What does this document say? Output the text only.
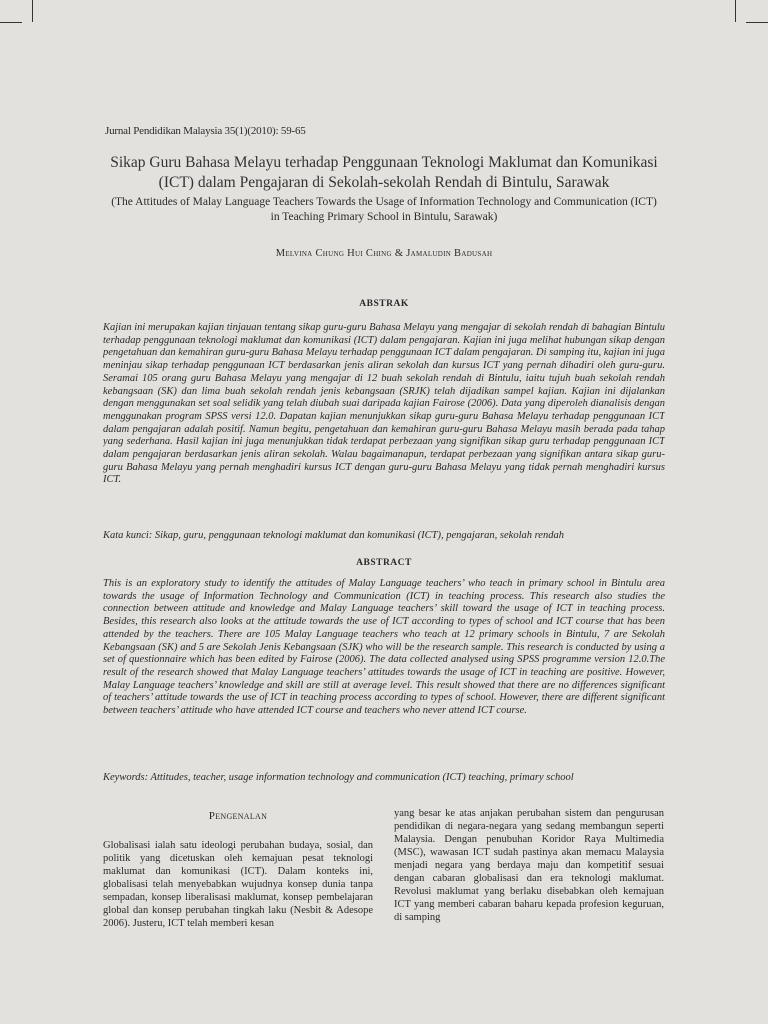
Jurnal Pendidikan Malaysia 35(1)(2010): 59-65
Sikap Guru Bahasa Melayu terhadap Penggunaan Teknologi Maklumat dan Komunikasi (ICT) dalam Pengajaran di Sekolah-sekolah Rendah di Bintulu, Sarawak
(The Attitudes of Malay Language Teachers Towards the Usage of Information Technology and Communication (ICT) in Teaching Primary School in Bintulu, Sarawak)
Melvina Chung Hui Ching & Jamaludin Badusah
ABSTRAK
Kajian ini merupakan kajian tinjauan tentang sikap guru-guru Bahasa Melayu yang mengajar di sekolah rendah di bahagian Bintulu terhadap penggunaan teknologi maklumat dan komunikasi (ICT) dalam pengajaran. Kajian ini juga melihat hubungan sikap dengan pengetahuan dan kemahiran guru-guru Bahasa Melayu terhadap penggunaan ICT dalam pengajaran. Di samping itu, kajian ini juga meninjau sikap terhadap penggunaan ICT berdasarkan jenis aliran sekolah dan kursus ICT yang pernah dihadiri oleh guru-guru. Seramai 105 orang guru Bahasa Melayu yang mengajar di 12 buah sekolah rendah di Bintulu, iaitu tujuh buah sekolah rendah kebangsaan (SK) dan lima buah sekolah rendah jenis kebangsaan (SRJK) telah dijadikan sampel kajian. Kajian ini dijalankan dengan menggunakan set soal selidik yang telah diubah suai daripada kajian Fairose (2006). Data yang diperoleh dianalisis dengan menggunakan program SPSS versi 12.0. Dapatan kajian menunjukkan sikap guru-guru Bahasa Melayu terhadap penggunaan ICT dalam pengajaran adalah positif. Namun begitu, pengetahuan dan kemahiran guru-guru Bahasa Melayu masih berada pada tahap yang sederhana. Hasil kajian ini juga menunjukkan tidak terdapat perbezaan yang signifikan sikap guru terhadap penggunaan ICT dalam pengajaran berdasarkan jenis aliran sekolah. Walau bagaimanapun, terdapat perbezaan yang signifikan antara sikap guru-guru Bahasa Melayu yang pernah menghadiri kursus ICT dengan guru-guru Bahasa Melayu yang tidak pernah menghadiri kursus ICT.
Kata kunci: Sikap, guru, penggunaan teknologi maklumat dan komunikasi (ICT), pengajaran, sekolah rendah
ABSTRACT
This is an exploratory study to identify the attitudes of Malay Language teachers’ who teach in primary school in Bintulu area towards the usage of Information Technology and Communication (ICT) in teaching process. This research also studies the connection between attitude and knowledge and Malay Language teachers’ skill toward the usage of ICT in teaching process. Besides, this research also looks at the attitude towards the use of ICT according to types of school and ICT course that has been attended by the teachers. There are 105 Malay Language teachers who teach at 12 primary schools in Bintulu, 7 are Sekolah Kebangsaan (SK) and 5 are Sekolah Jenis Kebangsaan (SJK) who will be the research sample. This research is conducted by using a set of questionnaire which has been edited by Fairose (2006). The data collected analysed using SPSS programme version 12.0.The result of the research showed that Malay Language teachers’ attitudes towards the usage of ICT in teaching are positive. However, Malay Language teachers’ knowledge and skill are still at average level. This result showed that there are no differences significant of teachers’ attitude towards the use of ICT in teaching process according to types of school. However, there are different significant between teachers’ attitude who have attended ICT course and teachers who never attend ICT course.
Keywords: Attitudes, teacher, usage information technology and communication (ICT) teaching, primary school
Pengenalan
Globalisasi ialah satu ideologi perubahan budaya, sosial, dan politik yang dicetuskan oleh kemajuan pesat teknologi maklumat dan komunikasi (ICT). Dalam konteks ini, globalisasi telah menyebabkan wujudnya konsep dunia tanpa sempadan, konsep liberalisasi maklumat, konsep pembelajaran global dan konsep perubahan tingkah laku (Nesbit & Adesope 2006). Justeru, ICT telah memberi kesan
yang besar ke atas anjakan perubahan sistem dan pengurusan pendidikan di negara-negara yang sedang membangun seperti Malaysia. Dengan penubuhan Koridor Raya Multimedia (MSC), wawasan ICT sudah pastinya akan memacu Malaysia menjadi negara yang berdaya maju dan kompetitif sesuai dengan cabaran globalisasi dan era teknologi maklumat. Revolusi maklumat yang berlaku disebabkan oleh kemajuan ICT yang memberi cabaran baharu kepada profesion keguruan, di samping
